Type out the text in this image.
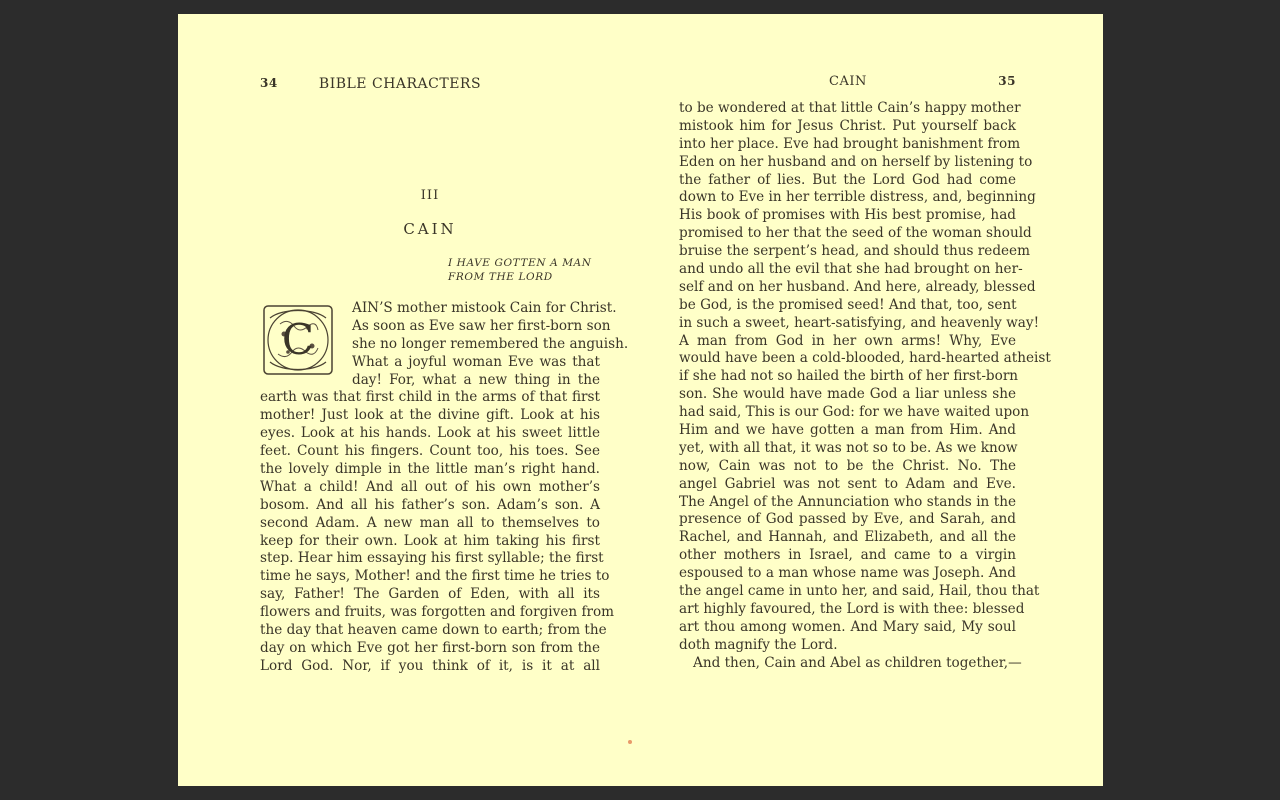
34	BIBLE CHARACTERS
III
CAIN
I HAVE GOTTEN A MAN
FROM THE LORD
C
AIN’S mother mistook Cain for Christ.
As soon as Eve saw her first-born son
she no longer remembered the anguish.
What a joyful woman Eve was that
day! For, what a new thing in the
earth was that first child in the arms of that first
mother! Just look at the divine gift. Look at his
eyes. Look at his hands. Look at his sweet little
feet. Count his fingers. Count too, his toes. See
the lovely dimple in the little man’s right hand.
What a child! And all out of his own mother’s
bosom. And all his father’s son. Adam’s son. A
second Adam. A new man all to themselves to
keep for their own. Look at him taking his first
step. Hear him essaying his first syllable; the first
time he says, Mother! and the first time he tries to
say, Father! The Garden of Eden, with all its
flowers and fruits, was forgotten and forgiven from
the day that heaven came down to earth; from the
day on which Eve got her first-born son from the
Lord God. Nor, if you think of it, is it at all
CAIN	35
to be wondered at that little Cain’s happy mother
mistook him for Jesus Christ. Put yourself back
into her place. Eve had brought banishment from
Eden on her husband and on herself by listening to
the father of lies. But the Lord God had come
down to Eve in her terrible distress, and, beginning
His book of promises with His best promise, had
promised to her that the seed of the woman should
bruise the serpent’s head, and should thus redeem
and undo all the evil that she had brought on her-
self and on her husband. And here, already, blessed
be God, is the promised seed! And that, too, sent
in such a sweet, heart-satisfying, and heavenly way!
A man from God in her own arms! Why, Eve
would have been a cold-blooded, hard-hearted atheist
if she had not so hailed the birth of her first-born
son. She would have made God a liar unless she
had said, This is our God: for we have waited upon
Him and we have gotten a man from Him. And
yet, with all that, it was not so to be. As we know
now, Cain was not to be the Christ. No. The
angel Gabriel was not sent to Adam and Eve.
The Angel of the Annunciation who stands in the
presence of God passed by Eve, and Sarah, and
Rachel, and Hannah, and Elizabeth, and all the
other mothers in Israel, and came to a virgin
espoused to a man whose name was Joseph. And
the angel came in unto her, and said, Hail, thou that
art highly favoured, the Lord is with thee: blessed
art thou among women. And Mary said, My soul
doth magnify the Lord.
And then, Cain and Abel as children together,—
